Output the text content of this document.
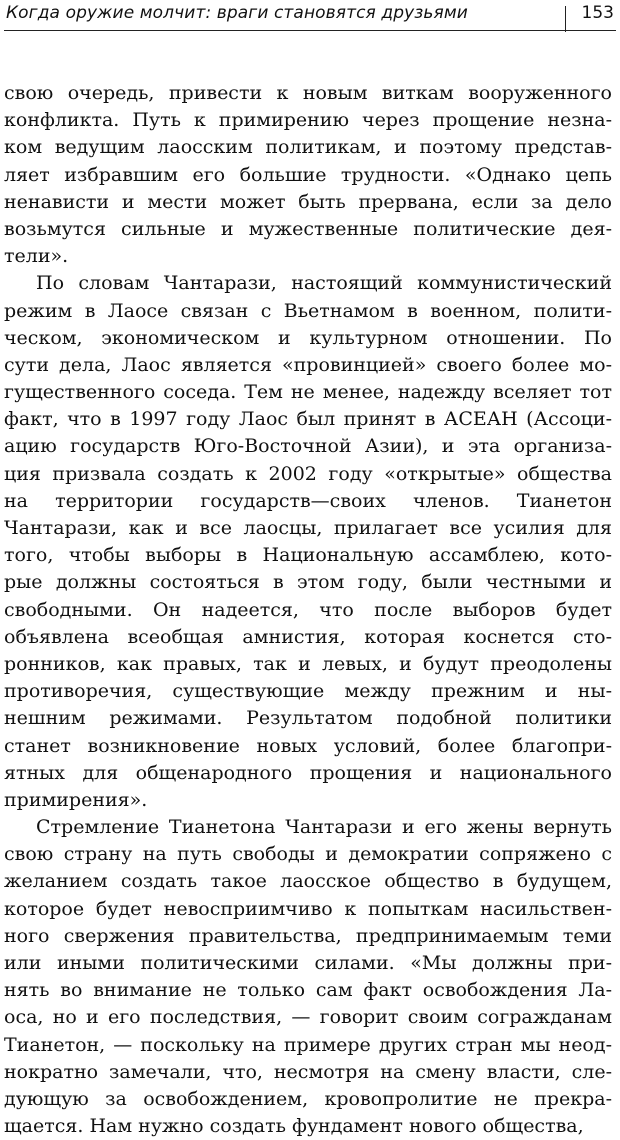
Когда оружие молчит: враги становятся друзьями	153
свою очередь, привести к новым виткам вооруженного
конфликта. Путь к примирению через прощение незна-
ком ведущим лаосским политикам, и поэтому представ-
ляет избравшим его большие трудности. «Однако цепь
ненависти и мести может быть прервана, если за дело
возьмутся сильные и мужественные политические дея-
тели».
По словам Чантарази, настоящий коммунистический
режим в Лаосе связан с Вьетнамом в военном, полити-
ческом, экономическом и культурном отношении. По
сути дела, Лаос является «провинцией» своего более мо-
гущественного соседа. Тем не менее, надежду вселяет тот
факт, что в 1997 году Лаос был принят в АСЕАН (Ассоци-
ацию государств Юго-Восточной Азии), и эта организа-
ция призвала создать к 2002 году «открытые» общества
на территории государств—своих членов. Тианетон
Чантарази, как и все лаосцы, прилагает все усилия для
того, чтобы выборы в Национальную ассамблею, кото-
рые должны состояться в этом году, были честными и
свободными. Он надеется, что после выборов будет
объявлена всеобщая амнистия, которая коснется сто-
ронников, как правых, так и левых, и будут преодолены
противоречия, существующие между прежним и ны-
нешним режимами. Результатом подобной политики
станет возникновение новых условий, более благопри-
ятных для общенародного прощения и национального
примирения».
Стремление Тианетона Чантарази и его жены вернуть
свою страну на путь свободы и демократии сопряжено с
желанием создать такое лаосское общество в будущем,
которое будет невосприимчиво к попыткам насильствен-
ного свержения правительства, предпринимаемым теми
или иными политическими силами. «Мы должны при-
нять во внимание не только сам факт освобождения Ла-
оса, но и его последствия, — говорит своим согражданам
Тианетон, — поскольку на примере других стран мы неод-
нократно замечали, что, несмотря на смену власти, сле-
дующую за освобождением, кровопролитие не прекра-
щается. Нам нужно создать фундамент нового общества,
